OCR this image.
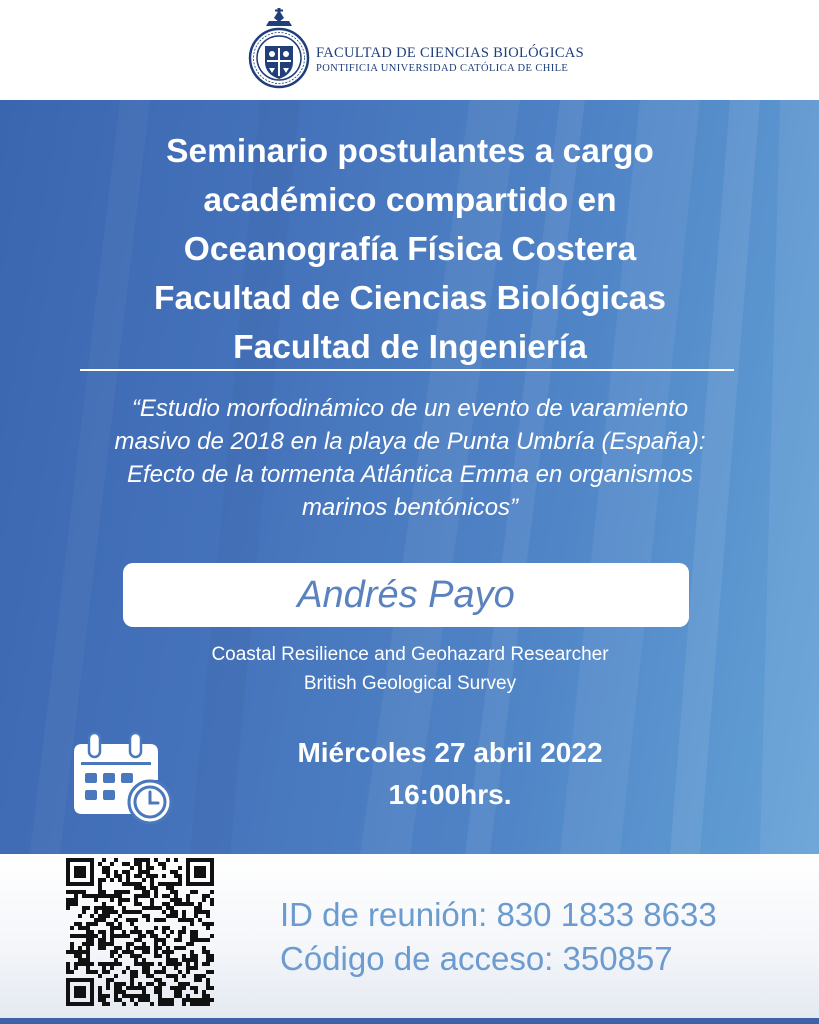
FACULTAD DE CIENCIAS BIOLÓGICAS
PONTIFICIA UNIVERSIDAD CATÓLICA DE CHILE
Seminario postulantes a cargo
académico compartido en
Oceanografía Física Costera
Facultad de Ciencias Biológicas
Facultad de Ingeniería
“Estudio morfodinámico de un evento de varamiento
masivo de 2018 en la playa de Punta Umbría (España):
Efecto de la tormenta Atlántica Emma en organismos
marinos bentónicos”
Andrés Payo
Coastal Resilience and Geohazard Researcher
British Geological Survey
Miércoles 27 abril 2022
16:00hrs.
ID de reunión: 830 1833 8633
Código de acceso: 350857
